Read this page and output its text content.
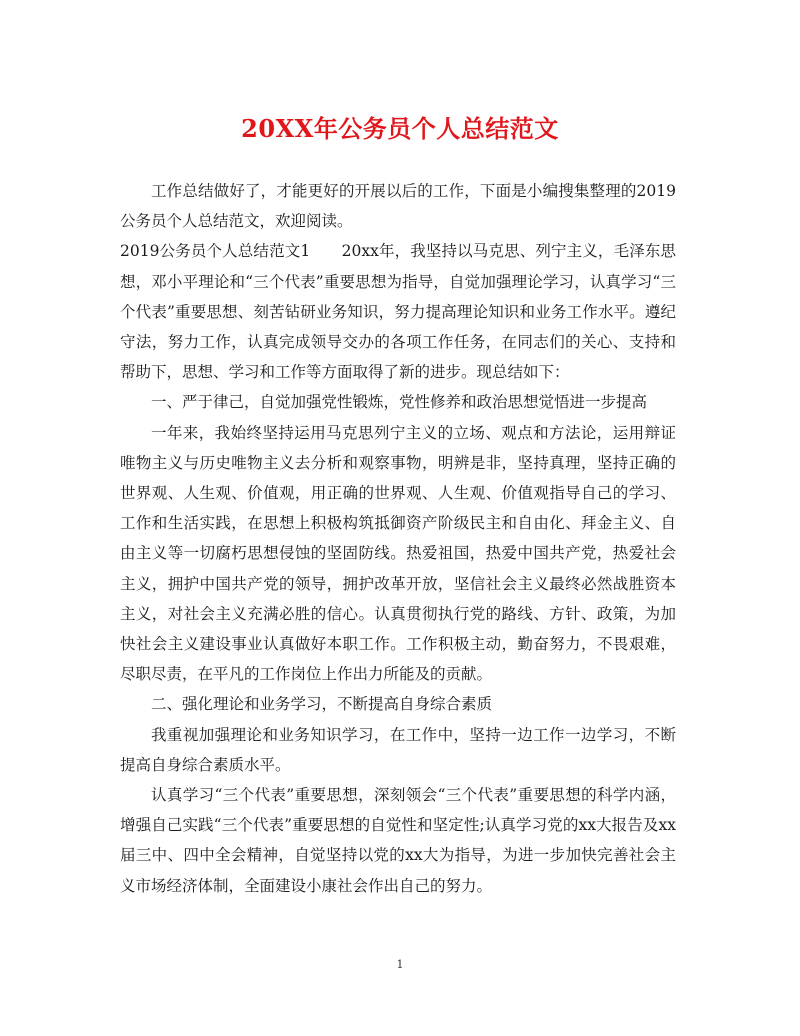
20XX年公务员个人总结范文

工作总结做好了，才能更好的开展以后的工作，下面是小编搜集整理的2019公务员个人总结范文，欢迎阅读。

2019公务员个人总结范文1　　20xx年，我坚持以马克思、列宁主义，毛泽东思想，邓小平理论和“三个代表”重要思想为指导，自觉加强理论学习，认真学习“三个代表”重要思想、刻苦钻研业务知识，努力提高理论知识和业务工作水平。遵纪守法，努力工作，认真完成领导交办的各项工作任务，在同志们的关心、支持和帮助下，思想、学习和工作等方面取得了新的进步。现总结如下：

一、严于律己，自觉加强党性锻炼，党性修养和政治思想觉悟进一步提高

一年来，我始终坚持运用马克思列宁主义的立场、观点和方法论，运用辩证唯物主义与历史唯物主义去分析和观察事物，明辨是非，坚持真理，坚持正确的世界观、人生观、价值观，用正确的世界观、人生观、价值观指导自己的学习、工作和生活实践，在思想上积极构筑抵御资产阶级民主和自由化、拜金主义、自由主义等一切腐朽思想侵蚀的坚固防线。热爱祖国，热爱中国共产党，热爱社会主义，拥护中国共产党的领导，拥护改革开放，坚信社会主义最终必然战胜资本主义，对社会主义充满必胜的信心。认真贯彻执行党的路线、方针、政策，为加快社会主义建设事业认真做好本职工作。工作积极主动，勤奋努力，不畏艰难，尽职尽责，在平凡的工作岗位上作出力所能及的贡献。

二、强化理论和业务学习，不断提高自身综合素质

我重视加强理论和业务知识学习，在工作中，坚持一边工作一边学习，不断提高自身综合素质水平。

认真学习“三个代表”重要思想，深刻领会“三个代表”重要思想的科学内涵，增强自己实践“三个代表”重要思想的自觉性和坚定性;认真学习党的xx大报告及xx届三中、四中全会精神，自觉坚持以党的xx大为指导，为进一步加快完善社会主义市场经济体制，全面建设小康社会作出自己的努力。

1
